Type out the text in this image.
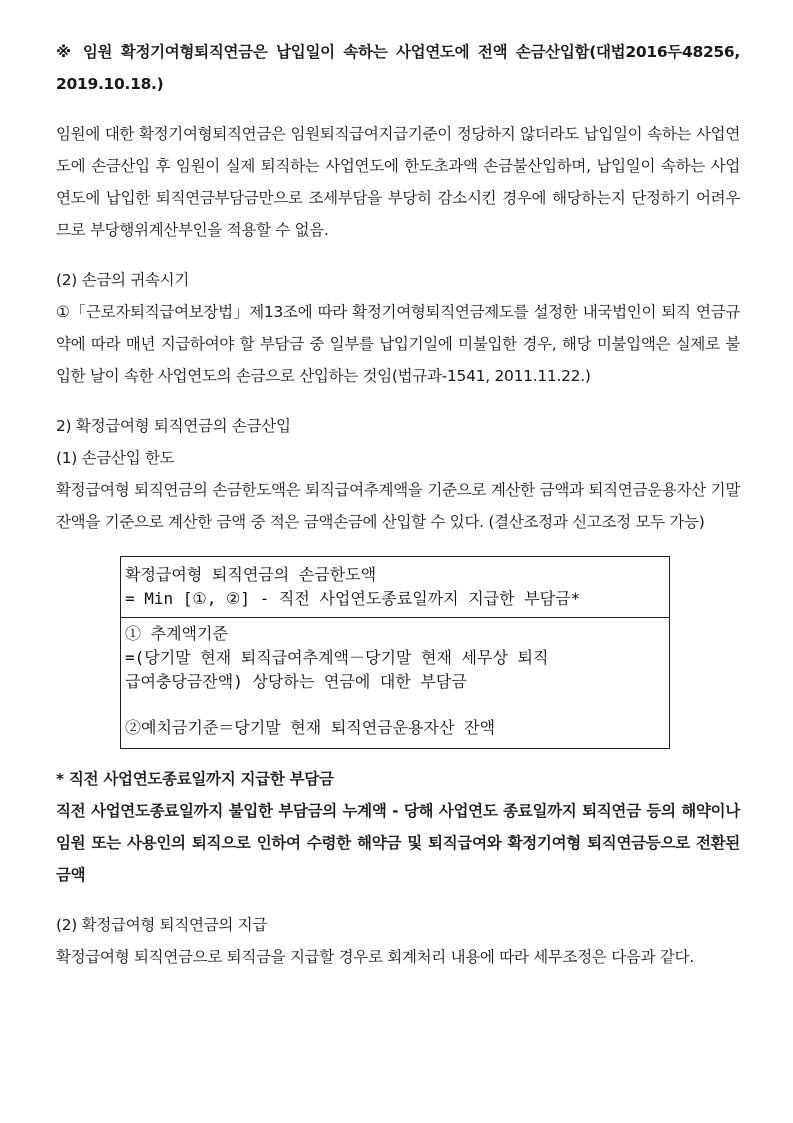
※ 임원 확정기여형퇴직연금은 납입일이 속하는 사업연도에 전액 손금산입함(대법2016두48256, 2019.10.18.)

임원에 대한 확정기여형퇴직연금은 임원퇴직급여지급기준이 정당하지 않더라도 납입일이 속하는 사업연도에 손금산입 후 임원이 실제 퇴직하는 사업연도에 한도초과액 손금불산입하며, 납입일이 속하는 사업연도에 납입한 퇴직연금부담금만으로 조세부담을 부당히 감소시킨 경우에 해당하는지 단정하기 어려우므로 부당행위계산부인을 적용할 수 없음.

(2) 손금의 귀속시기

①「근로자퇴직급여보장법」제13조에 따라 확정기여형퇴직연금제도를 설정한 내국법인이 퇴직 연금규약에 따라 매년 지급하여야 할 부담금 중 일부를 납입기일에 미불입한 경우, 해당 미불입액은 실제로 불입한 날이 속한 사업연도의 손금으로 산입하는 것임(법규과-1541, 2011.11.22.)

2) 확정급여형 퇴직연금의 손금산입
(1) 손금산입 한도

확정급여형 퇴직연금의 손금한도액은 퇴직급여추계액을 기준으로 계산한 금액과 퇴직연금운용자산 기말잔액을 기준으로 계산한 금액 중 적은 금액손금에 산입할 수 있다. (결산조정과 신고조정 모두 가능)

확정급여형 퇴직연금의 손금한도액
= Min [①, ②] - 직전 사업연도종료일까지 지급한 부담금*
① 추계액기준
=(당기말 현재 퇴직급여추계액－당기말 현재 세무상 퇴직
급여충당금잔액) 상당하는 연금에 대한 부담금
②예치금기준＝당기말 현재 퇴직연금운용자산 잔액
* 직전 사업연도종료일까지 지급한 부담금
직전 사업연도종료일까지 불입한 부담금의 누계액 - 당해 사업연도 종료일까지 퇴직연금 등의 해약이나 임원 또는 사용인의 퇴직으로 인하여 수령한 해약금 및 퇴직급여와 확정기여형 퇴직연금등으로 전환된 금액
(2) 확정급여형 퇴직연금의 지급

확정급여형 퇴직연금으로 퇴직금을 지급할 경우로 회계처리 내용에 따라 세무조정은 다음과 같다.
